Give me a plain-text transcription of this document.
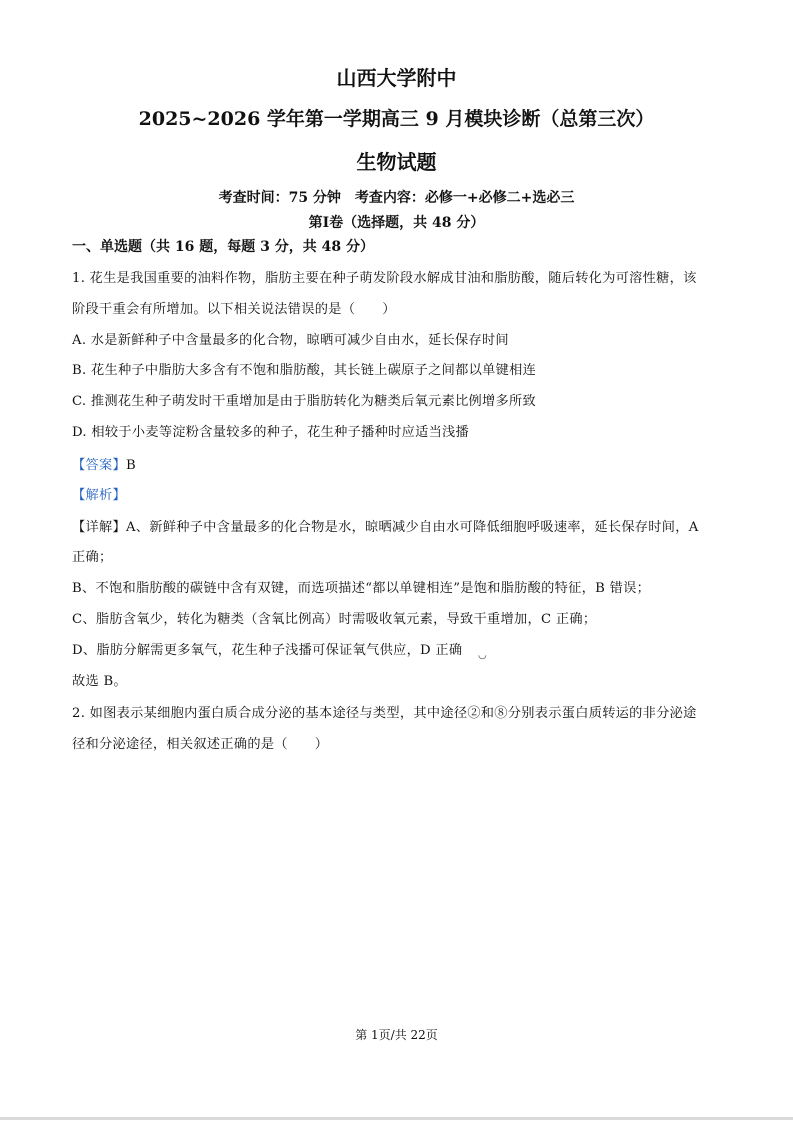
山西大学附中
2025~2026 学年第一学期高三 9 月模块诊断（总第三次）
生物试题
考查时间：75 分钟　考查内容：必修一+必修二+选必三
第Ⅰ卷（选择题，共 48 分）
一、单选题（共 16 题，每题 3 分，共 48 分）
1. 花生是我国重要的油料作物，脂肪主要在种子萌发阶段水解成甘油和脂肪酸，随后转化为可溶性糖，该
阶段干重会有所增加。以下相关说法错误的是（　　）
A. 水是新鲜种子中含量最多的化合物，晾晒可减少自由水，延长保存时间
B. 花生种子中脂肪大多含有不饱和脂肪酸，其长链上碳原子之间都以单键相连
C. 推测花生种子萌发时干重增加是由于脂肪转化为糖类后氧元素比例增多所致
D. 相较于小麦等淀粉含量较多的种子，花生种子播种时应适当浅播
【答案】B
【解析】
【详解】A、新鲜种子中含量最多的化合物是水，晾晒减少自由水可降低细胞呼吸速率，延长保存时间，A
正确；
B、不饱和脂肪酸的碳链中含有双键，而选项描述“都以单键相连”是饱和脂肪酸的特征，B 错误；
C、脂肪含氧少，转化为糖类（含氧比例高）时需吸收氧元素，导致干重增加，C 正确；
D、脂肪分解需更多氧气，花生种子浅播可保证氧气供应，D 正确 ◡
故选 B。
2. 如图表示某细胞内蛋白质合成分泌的基本途径与类型，其中途径②和⑧分别表示蛋白质转运的非分泌途
径和分泌途径，相关叙述正确的是（　　）
第 1页/共 22页
